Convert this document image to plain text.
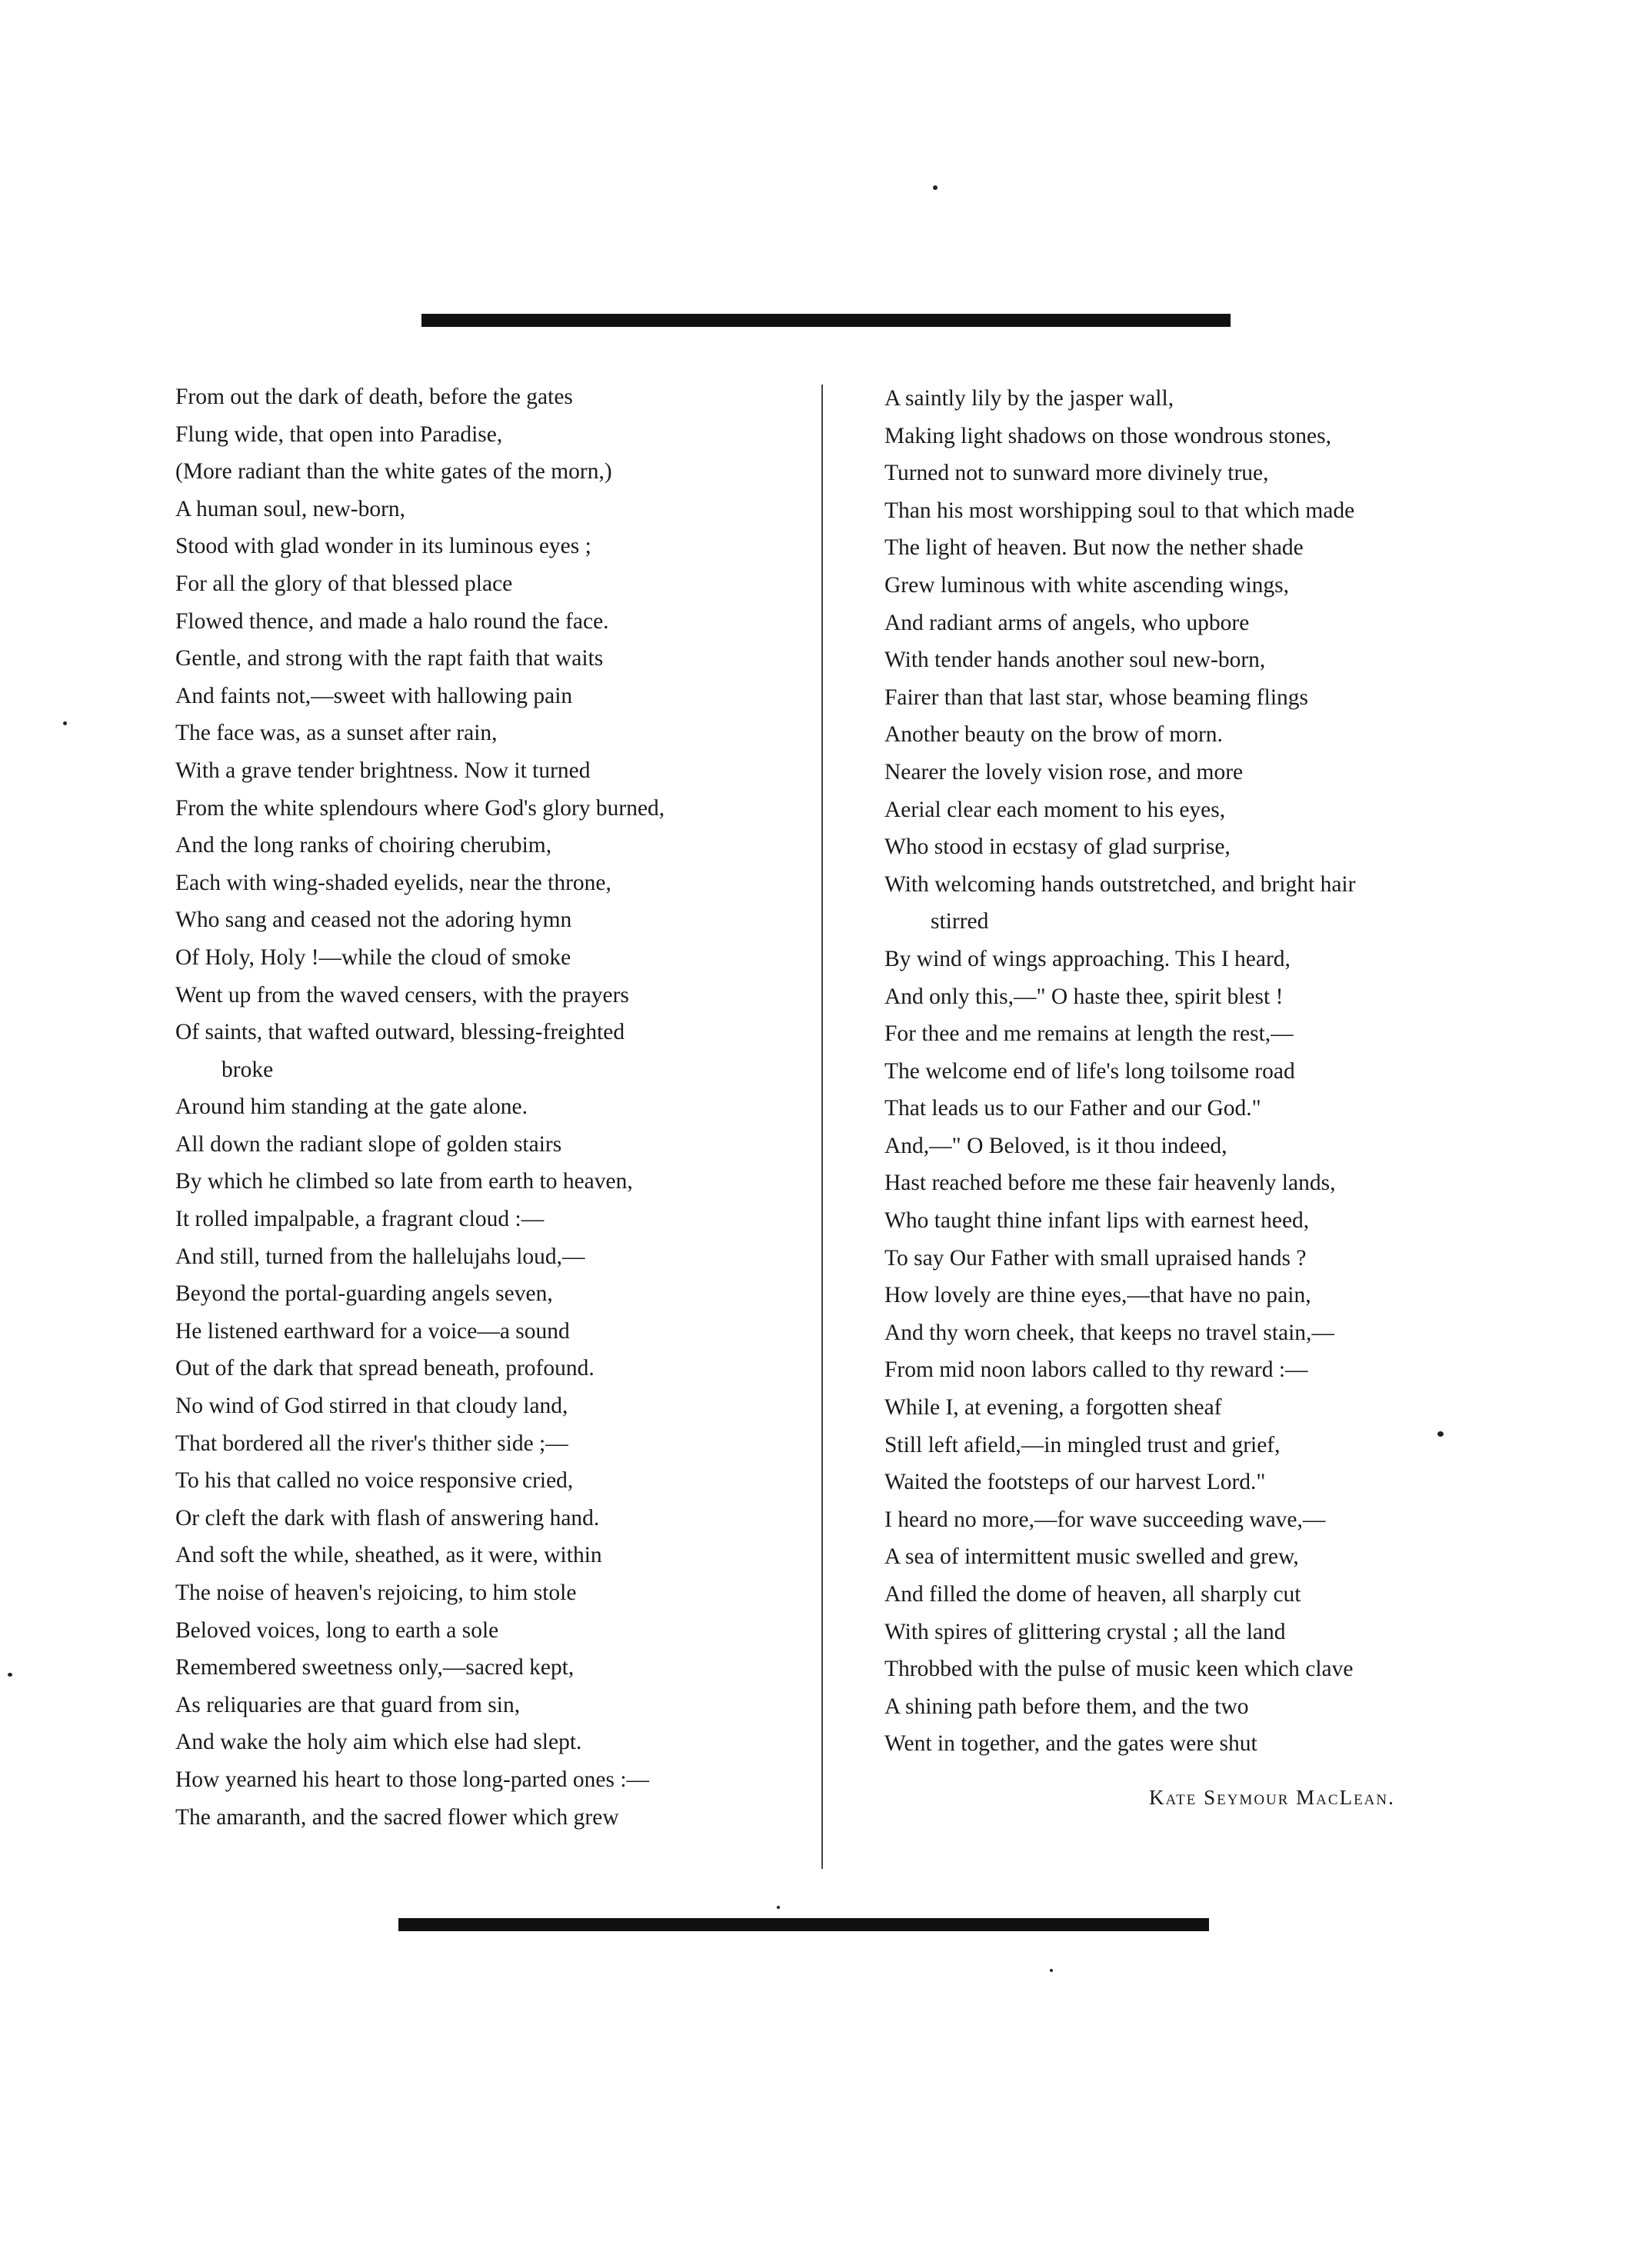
From out the dark of death, before the gates
Flung wide, that open into Paradise,
(More radiant than the white gates of the morn,)
A human soul, new-born,
Stood with glad wonder in its luminous eyes ;
For all the glory of that blessed place
Flowed thence, and made a halo round the face.
Gentle, and strong with the rapt faith that waits
And faints not,—sweet with hallowing pain
The face was, as a sunset after rain,
With a grave tender brightness. Now it turned
From the white splendours where God's glory burned,
And the long ranks of choiring cherubim,
Each with wing-shaded eyelids, near the throne,
Who sang and ceased not the adoring hymn
Of Holy, Holy !—while the cloud of smoke
Went up from the waved censers, with the prayers
Of saints, that wafted outward, blessing-freighted
broke
Around him standing at the gate alone.
All down the radiant slope of golden stairs
By which he climbed so late from earth to heaven,
It rolled impalpable, a fragrant cloud :—
And still, turned from the hallelujahs loud,—
Beyond the portal-guarding angels seven,
He listened earthward for a voice—a sound
Out of the dark that spread beneath, profound.
No wind of God stirred in that cloudy land,
That bordered all the river's thither side ;—
To his that called no voice responsive cried,
Or cleft the dark with flash of answering hand.
And soft the while, sheathed, as it were, within
The noise of heaven's rejoicing, to him stole
Beloved voices, long to earth a sole
Remembered sweetness only,—sacred kept,
As reliquaries are that guard from sin,
And wake the holy aim which else had slept.
How yearned his heart to those long-parted ones :—
The amaranth, and the sacred flower which grew
A saintly lily by the jasper wall,
Making light shadows on those wondrous stones,
Turned not to sunward more divinely true,
Than his most worshipping soul to that which made
The light of heaven. But now the nether shade
Grew luminous with white ascending wings,
And radiant arms of angels, who upbore
With tender hands another soul new-born,
Fairer than that last star, whose beaming flings
Another beauty on the brow of morn.
Nearer the lovely vision rose, and more
Aerial clear each moment to his eyes,
Who stood in ecstasy of glad surprise,
With welcoming hands outstretched, and bright hair
stirred
By wind of wings approaching. This I heard,
And only this,—" O haste thee, spirit blest !
For thee and me remains at length the rest,—
The welcome end of life's long toilsome road
That leads us to our Father and our God."
And,—" O Beloved, is it thou indeed,
Hast reached before me these fair heavenly lands,
Who taught thine infant lips with earnest heed,
To say Our Father with small upraised hands ?
How lovely are thine eyes,—that have no pain,
And thy worn cheek, that keeps no travel stain,—
From mid noon labors called to thy reward :—
While I, at evening, a forgotten sheaf
Still left afield,—in mingled trust and grief,
Waited the footsteps of our harvest Lord."
I heard no more,—for wave succeeding wave,—
A sea of intermittent music swelled and grew,
And filled the dome of heaven, all sharply cut
With spires of glittering crystal ; all the land
Throbbed with the pulse of music keen which clave
A shining path before them, and the two
Went in together, and the gates were shut
Kate Seymour MacLean.
